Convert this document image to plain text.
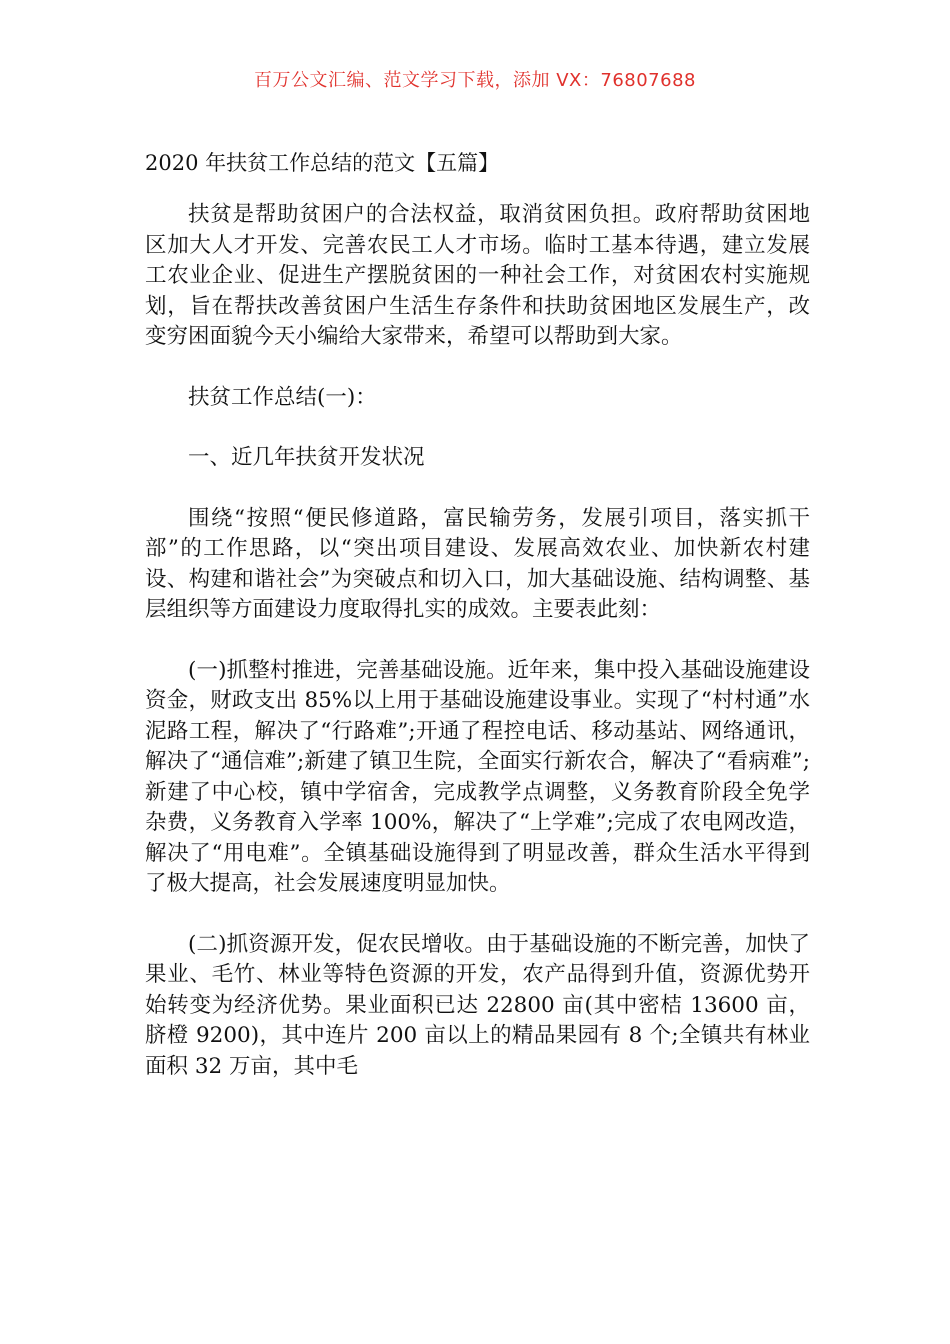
百万公文汇编、范文学习下载，添加 VX：76807688
2020 年扶贫工作总结的范文【五篇】

扶贫是帮助贫困户的合法权益，取消贫困负担。政府帮助贫困地区加大人才开发、完善农民工人才市场。临时工基本待遇，建立发展工农业企业、促进生产摆脱贫困的一种社会工作，对贫困农村实施规划，旨在帮扶改善贫困户生活生存条件和扶助贫困地区发展生产，改变穷困面貌今天小编给大家带来，希望可以帮助到大家。

扶贫工作总结(一)：

一、近几年扶贫开发状况

围绕“按照“便民修道路，富民输劳务，发展引项目，落实抓干部”的工作思路，以“突出项目建设、发展高效农业、加快新农村建设、构建和谐社会”为突破点和切入口，加大基础设施、结构调整、基层组织等方面建设力度取得扎实的成效。主要表此刻：

(一)抓整村推进，完善基础设施。近年来，集中投入基础设施建设资金，财政支出 85%以上用于基础设施建设事业。实现了“村村通”水泥路工程，解决了“行路难”;开通了程控电话、移动基站、网络通讯，解决了“通信难”;新建了镇卫生院，全面实行新农合，解决了“看病难”;新建了中心校，镇中学宿舍，完成教学点调整，义务教育阶段全免学杂费，义务教育入学率 100%，解决了“上学难”;完成了农电网改造，解决了“用电难”。全镇基础设施得到了明显改善，群众生活水平得到了极大提高，社会发展速度明显加快。

(二)抓资源开发，促农民增收。由于基础设施的不断完善，加快了果业、毛竹、林业等特色资源的开发，农产品得到升值，资源优势开始转变为经济优势。果业面积已达 22800 亩(其中密桔 13600 亩，脐橙 9200)，其中连片 200 亩以上的精品果园有 8 个;全镇共有林业面积 32 万亩，其中毛
